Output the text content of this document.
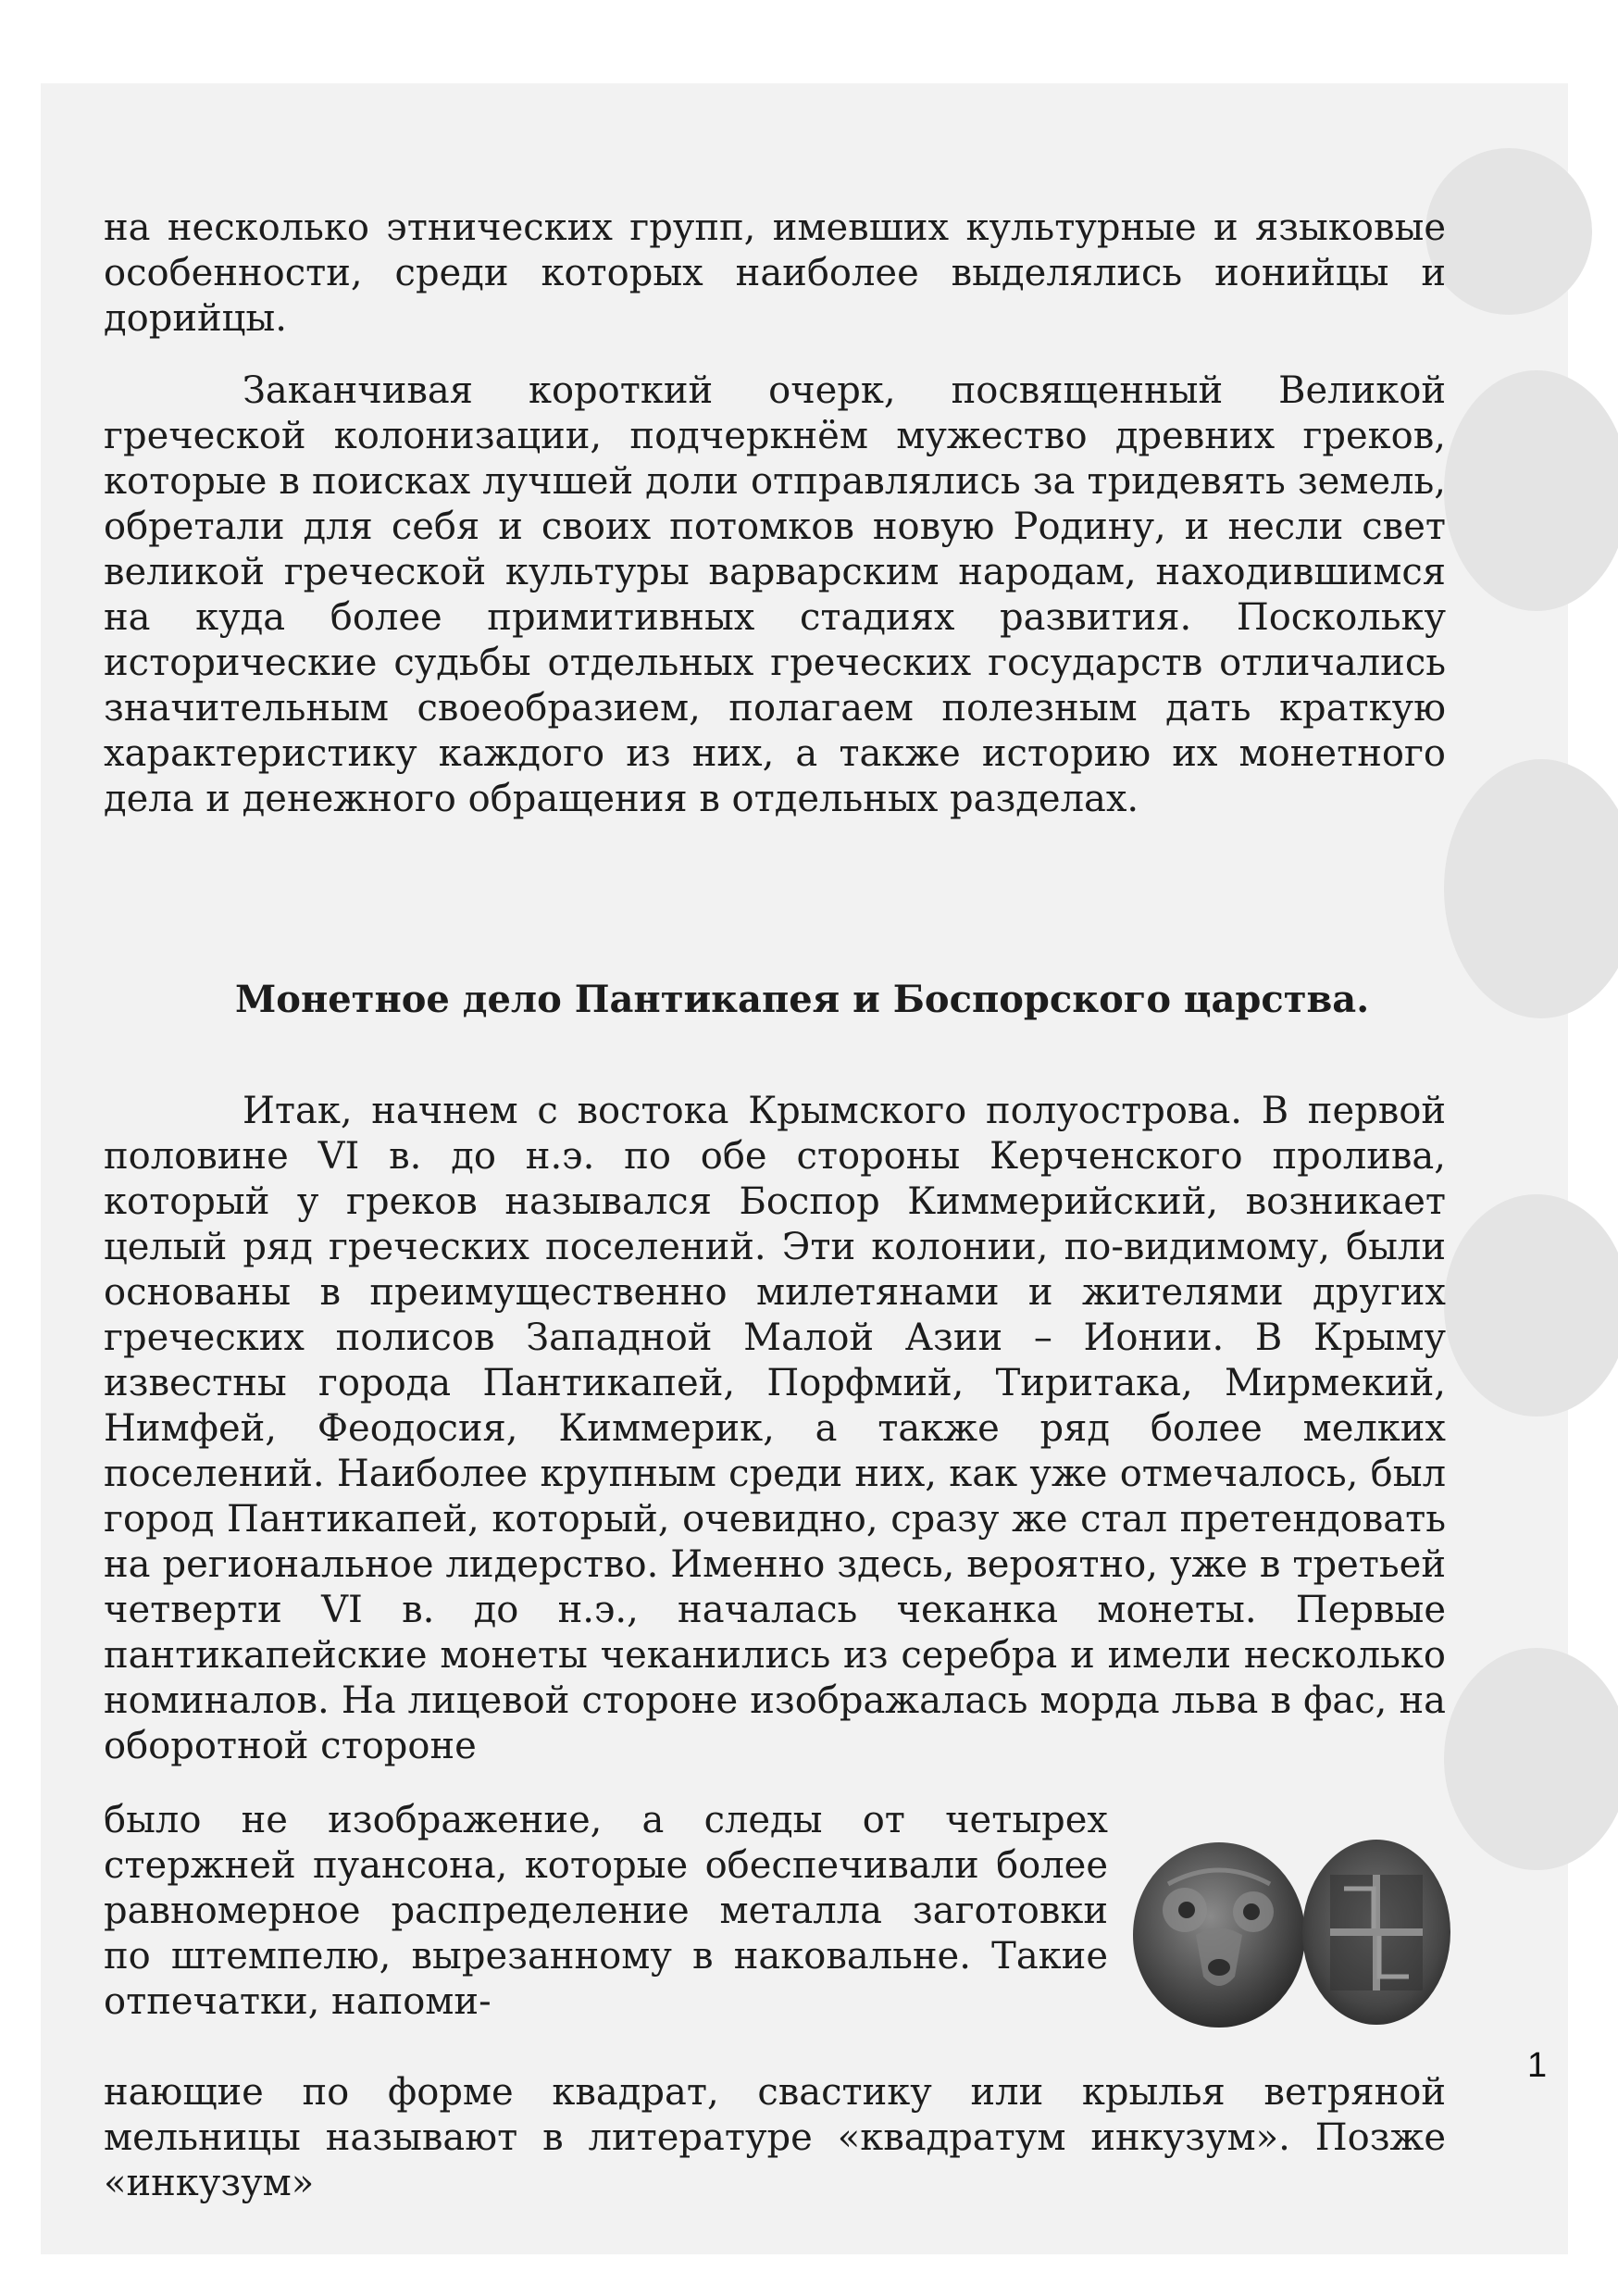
на несколько этнических групп, имевших культурные и языковые особенности, среди которых наиболее выделялись ионийцы и дорийцы.

Заканчивая короткий очерк, посвященный Великой греческой колонизации, подчеркнём мужество древних греков, которые в поисках лучшей доли отправлялись за тридевять земель, обретали для себя и своих потомков новую Родину, и несли свет великой греческой культуры варварским народам, находившимся на куда более примитивных стадиях развития. Поскольку исторические судьбы отдельных греческих государств отличались значительным своеобразием, полагаем полезным дать краткую характеристику каждого из них, а также историю их монетного дела и денежного обращения в отдельных разделах.

Монетное дело Пантикапея и Боспорского царства.

Итак, начнем с востока Крымского полуострова. В первой половине VI в. до н.э. по обе стороны Керченского пролива, который у греков назывался Боспор Киммерийский, возникает целый ряд греческих поселений. Эти колонии, по-видимому, были основаны в преимущественно милетянами и жителями других греческих полисов Западной Малой Азии – Ионии. В Крыму известны города Пантикапей, Порфмий, Тиритака, Мирмекий, Нимфей, Феодосия, Киммерик, а также ряд более мелких поселений. Наиболее крупным среди них, как уже отмечалось, был город Пантикапей, который, очевидно, сразу же стал претендовать на региональное лидерство. Именно здесь, вероятно, уже в третьей четверти VI в. до н.э., началась чеканка монеты. Первые пантикапейские монеты чеканились из серебра и имели несколько номиналов. На лицевой стороне изображалась морда льва в фас, на оборотной стороне

было не изображение, а следы от четырех стержней пуансона, которые обеспечивали более равномерное распределение металла заготовки по штемпелю, вырезанному в наковальне. Такие отпечатки, напоми-

нающие по форме квадрат, свастику или крылья ветряной мельницы называют в литературе «квадратум инкузум». Позже «инкузум»

1
